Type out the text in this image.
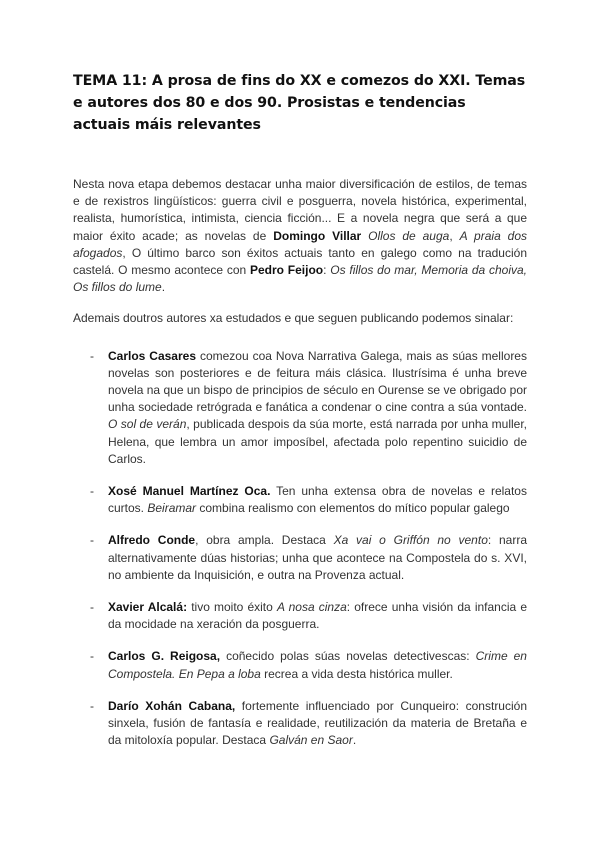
TEMA 11: A prosa de fins do XX e comezos do XXI. Temas e autores dos 80 e dos 90. Prosistas e tendencias actuais máis relevantes

Nesta nova etapa debemos destacar unha maior diversificación de estilos, de temas e de rexistros lingüísticos: guerra civil e posguerra, novela histórica, experimental, realista, humorística, intimista, ciencia ficción... E a novela negra que será a que maior éxito acade; as novelas de Domingo Villar Ollos de auga, A praia dos afogados, O último barco son éxitos actuais tanto en galego como na tradución castelá. O mesmo acontece con Pedro Feijoo: Os fillos do mar, Memoria da choiva, Os fillos do lume.

Ademais doutros autores xa estudados e que seguen publicando podemos sinalar:

- Carlos Casares comezou coa Nova Narrativa Galega, mais as súas mellores novelas son posteriores e de feitura máis clásica. Ilustrísima é unha breve novela na que un bispo de principios de século en Ourense se ve obrigado por unha sociedade retrógrada e fanática a condenar o cine contra a súa vontade. O sol de verán, publicada despois da súa morte, está narrada por unha muller, Helena, que lembra un amor imposíbel, afectada polo repentino suicidio de Carlos.

- Xosé Manuel Martínez Oca. Ten unha extensa obra de novelas e relatos curtos. Beiramar combina realismo con elementos do mítico popular galego

- Alfredo Conde, obra ampla. Destaca Xa vai o Griffón no vento: narra alternativamente dúas historias; unha que acontece na Compostela do s. XVI, no ambiente da Inquisición, e outra na Provenza actual.

- Xavier Alcalá: tivo moito éxito A nosa cinza: ofrece unha visión da infancia e da mocidade na xeración da posguerra.

- Carlos G. Reigosa, coñecido polas súas novelas detectivescas: Crime en Compostela. En Pepa a loba recrea a vida desta histórica muller.

- Darío Xohán Cabana, fortemente influenciado por Cunqueiro: construción sinxela, fusión de fantasía e realidade, reutilización da materia de Bretaña e da mitoloxía popular. Destaca Galván en Saor.
